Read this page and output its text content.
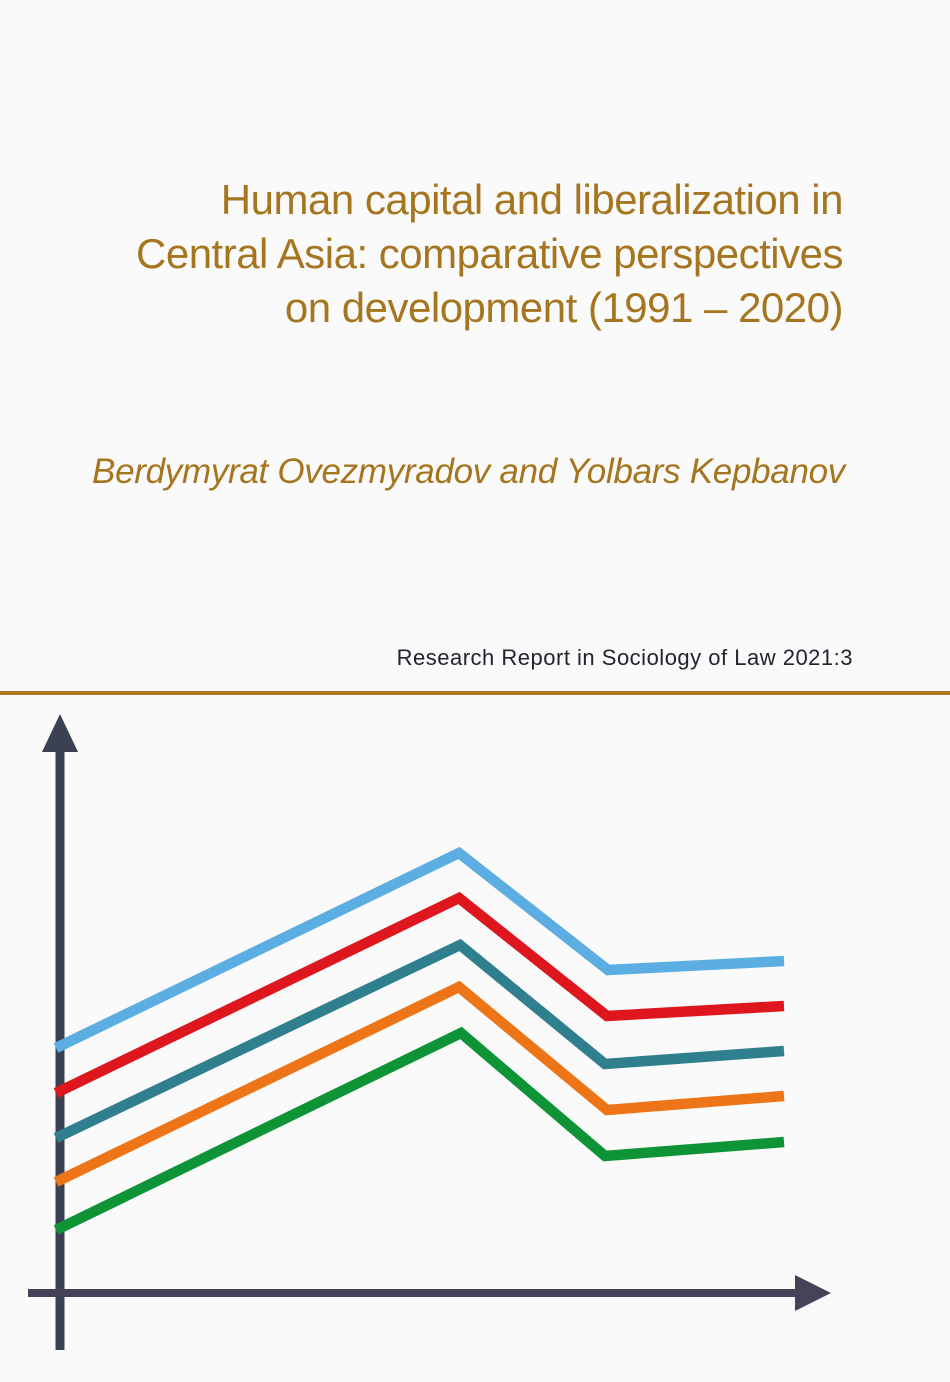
Human capital and liberalization in
Central Asia: comparative perspectives
on development (1991 – 2020)

Berdymyrat Ovezmyradov and Yolbars Kepbanov

Research Report in Sociology of Law 2021:3
